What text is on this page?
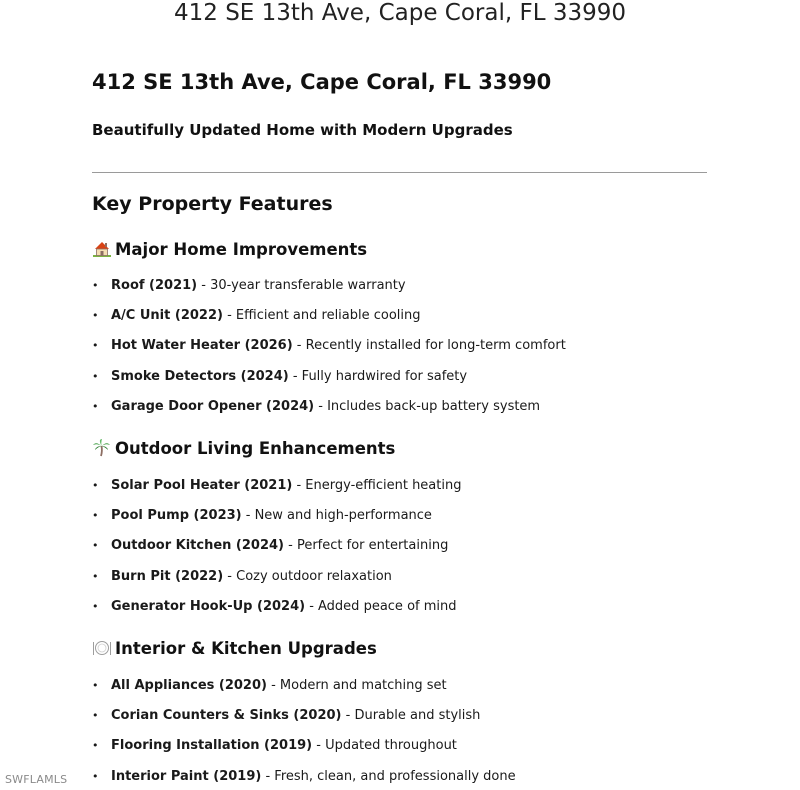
412 SE 13th Ave, Cape Coral, FL 33990
412 SE 13th Ave, Cape Coral, FL 33990
Beautifully Updated Home with Modern Upgrades
Key Property Features
Major Home Improvements
• Roof (2021) - 30-year transferable warranty
• A/C Unit (2022) - Efficient and reliable cooling
• Hot Water Heater (2026) - Recently installed for long-term comfort
• Smoke Detectors (2024) - Fully hardwired for safety
• Garage Door Opener (2024) - Includes back-up battery system
Outdoor Living Enhancements
• Solar Pool Heater (2021) - Energy-efficient heating
• Pool Pump (2023) - New and high-performance
• Outdoor Kitchen (2024) - Perfect for entertaining
• Burn Pit (2022) - Cozy outdoor relaxation
• Generator Hook-Up (2024) - Added peace of mind
Interior & Kitchen Upgrades
• All Appliances (2020) - Modern and matching set
• Corian Counters & Sinks (2020) - Durable and stylish
• Flooring Installation (2019) - Updated throughout
• Interior Paint (2019) - Fresh, clean, and professionally done
SWFLAMLS
